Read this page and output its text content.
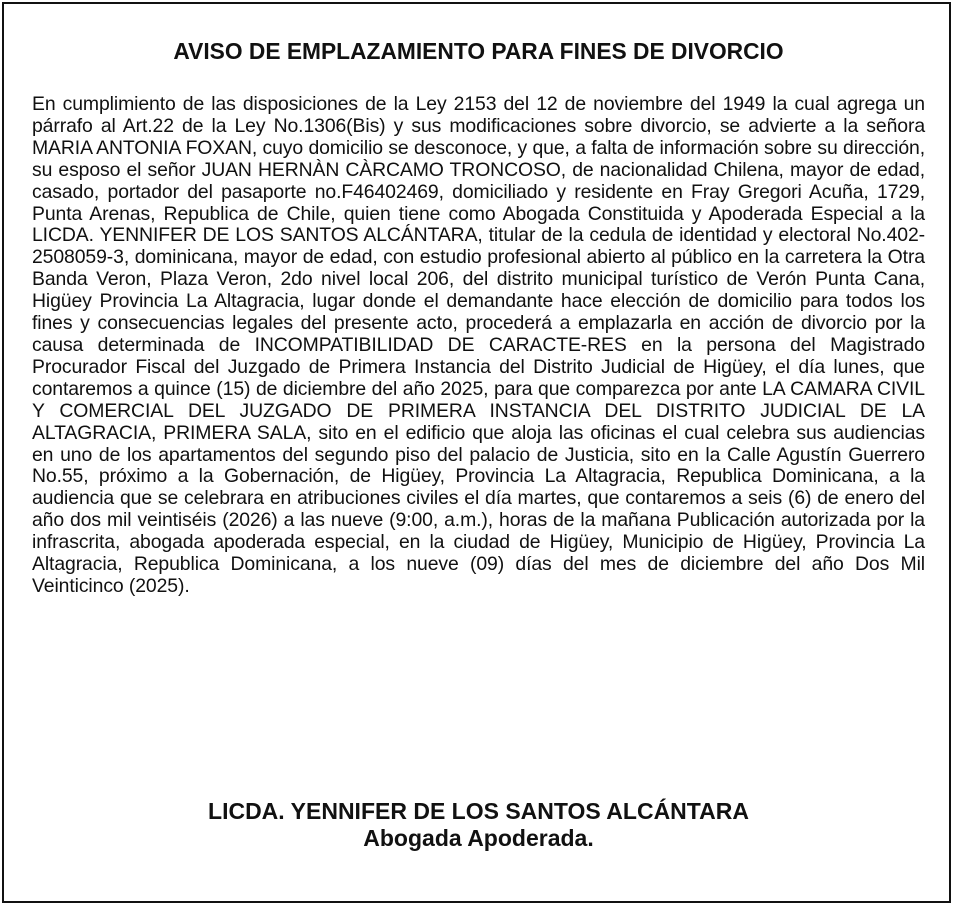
AVISO DE EMPLAZAMIENTO PARA FINES DE DIVORCIO
En cumplimiento de las disposiciones de la Ley 2153 del 12 de noviembre del 1949 la cual agrega un párrafo al Art.22 de la Ley No.1306(Bis) y sus modificaciones sobre divorcio, se advierte a la señora MARIA ANTONIA FOXAN, cuyo domicilio se desconoce, y que, a falta de información sobre su dirección, su esposo el señor JUAN HERNÀN CÀRCAMO TRONCOSO, de nacionalidad Chilena, mayor de edad, casado, portador del pasaporte no.F46402469, domiciliado y residente en Fray Gregori Acuña, 1729, Punta Arenas, Republica de Chile, quien tiene como Abogada Constituida y Apoderada Especial a la LICDA. YENNIFER DE LOS SANTOS ALCÁNTARA, titular de la cedula de identidad y electoral No.402-2508059-3, dominicana, mayor de edad, con estudio profesional abierto al público en la carretera la Otra Banda Veron, Plaza Veron, 2do nivel local 206, del distrito municipal turístico de Verón Punta Cana, Higüey Provincia La Altagracia, lugar donde el demandante hace elección de domicilio para todos los fines y consecuencias legales del presente acto, procederá a emplazarla en acción de divorcio por la causa determinada de INCOMPATIBILIDAD DE CARACTE-RES en la persona del Magistrado Procurador Fiscal del Juzgado de Primera Instancia del Distrito Judicial de Higüey, el día lunes, que contaremos a quince (15) de diciembre del año 2025, para que comparezca por ante LA CAMARA CIVIL Y COMERCIAL DEL JUZGADO DE PRIMERA INSTANCIA DEL DISTRITO JUDICIAL DE LA ALTAGRACIA, PRIMERA SALA, sito en el edificio que aloja las oficinas el cual celebra sus audiencias en uno de los apartamentos del segundo piso del palacio de Justicia, sito en la Calle Agustín Guerrero No.55, próximo a la Gobernación, de Higüey, Provincia La Altagracia, Republica Dominicana, a la audiencia que se celebrara en atribuciones civiles el día martes, que contaremos a seis (6) de enero del año dos mil veintiséis (2026) a las nueve (9:00, a.m.), horas de la mañana Publicación autorizada por la infrascrita, abogada apoderada especial, en la ciudad de Higüey, Municipio de Higüey, Provincia La Altagracia, Republica Dominicana, a los nueve (09) días del mes de diciembre del año Dos Mil Veinticinco (2025).
LICDA. YENNIFER DE LOS SANTOS ALCÁNTARA
Abogada Apoderada.
